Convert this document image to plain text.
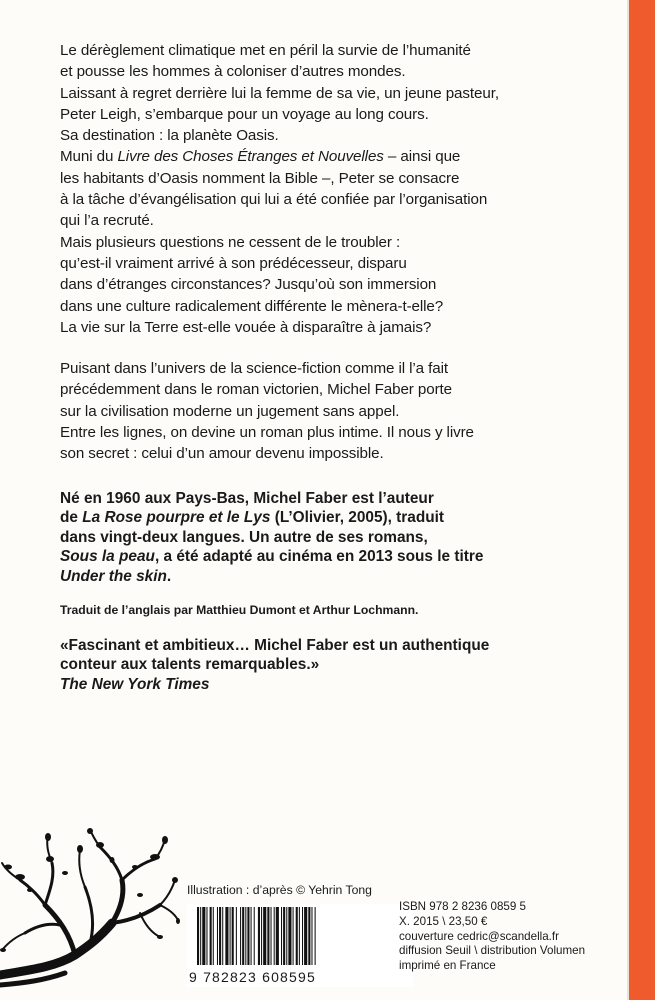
Le dérèglement climatique met en péril la survie de l’humanité
et pousse les hommes à coloniser d’autres mondes.
Laissant à regret derrière lui la femme de sa vie, un jeune pasteur,
Peter Leigh, s’embarque pour un voyage au long cours.
Sa destination : la planète Oasis.
Muni du Livre des Choses Étranges et Nouvelles – ainsi que
les habitants d’Oasis nomment la Bible –, Peter se consacre
à la tâche d’évangélisation qui lui a été confiée par l’organisation
qui l’a recruté.
Mais plusieurs questions ne cessent de le troubler :
qu’est-il vraiment arrivé à son prédécesseur, disparu
dans d’étranges circonstances? Jusqu’où son immersion
dans une culture radicalement différente le mènera-t-elle?
La vie sur la Terre est-elle vouée à disparaître à jamais?

Puisant dans l’univers de la science-fiction comme il l’a fait
précédemment dans le roman victorien, Michel Faber porte
sur la civilisation moderne un jugement sans appel.
Entre les lignes, on devine un roman plus intime. Il nous y livre
son secret : celui d’un amour devenu impossible.

Né en 1960 aux Pays-Bas, Michel Faber est l’auteur
de La Rose pourpre et le Lys (L’Olivier, 2005), traduit
dans vingt-deux langues. Un autre de ses romans,
Sous la peau, a été adapté au cinéma en 2013 sous le titre
Under the skin.

Traduit de l’anglais par Matthieu Dumont et Arthur Lochmann.

«Fascinant et ambitieux… Michel Faber est un authentique
conteur aux talents remarquables.»
The New York Times

Illustration : d’après © Yehrin Tong
9 782823 608595
ISBN 978 2 8236 0859 5
X. 2015 \ 23,50 €
couverture cedric@scandella.fr
diffusion Seuil \ distribution Volumen
imprimé en France
